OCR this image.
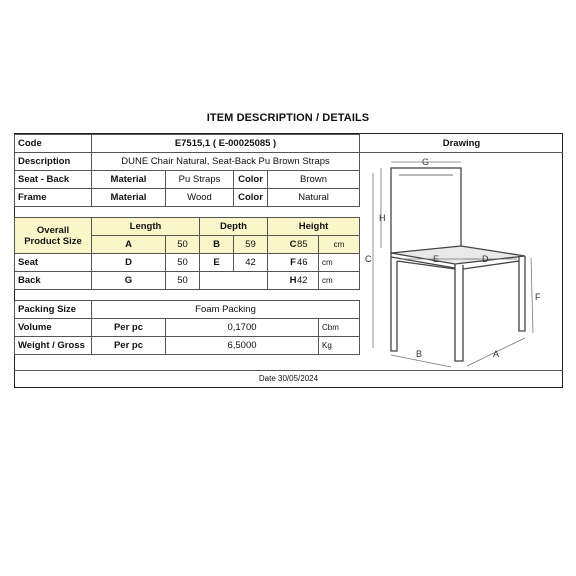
ITEM DESCRIPTION / DETAILS
Code	E7515,1 ( E-00025085 )					
Description	DUNE Chair Natural, Seat-Back Pu Brown Straps					
Seat - Back	Material	Pu Straps		Color	Brown	
Frame	Material	Wood		Color	Natural	

Overall Product Size	Length		Depth		Height	
	A	50	B	59	C	85 cm
Seat	D	50	E	42	F	46 cm
Back	G	50			H	42 cm

Packing Size	Foam Packing					
Volume	Per pc	0,1700				Cbm
Weight / Gross	Per pc	6,5000				Kg
Drawing
G
H
C	E	D
F
B	A
Date 30/05/2024
